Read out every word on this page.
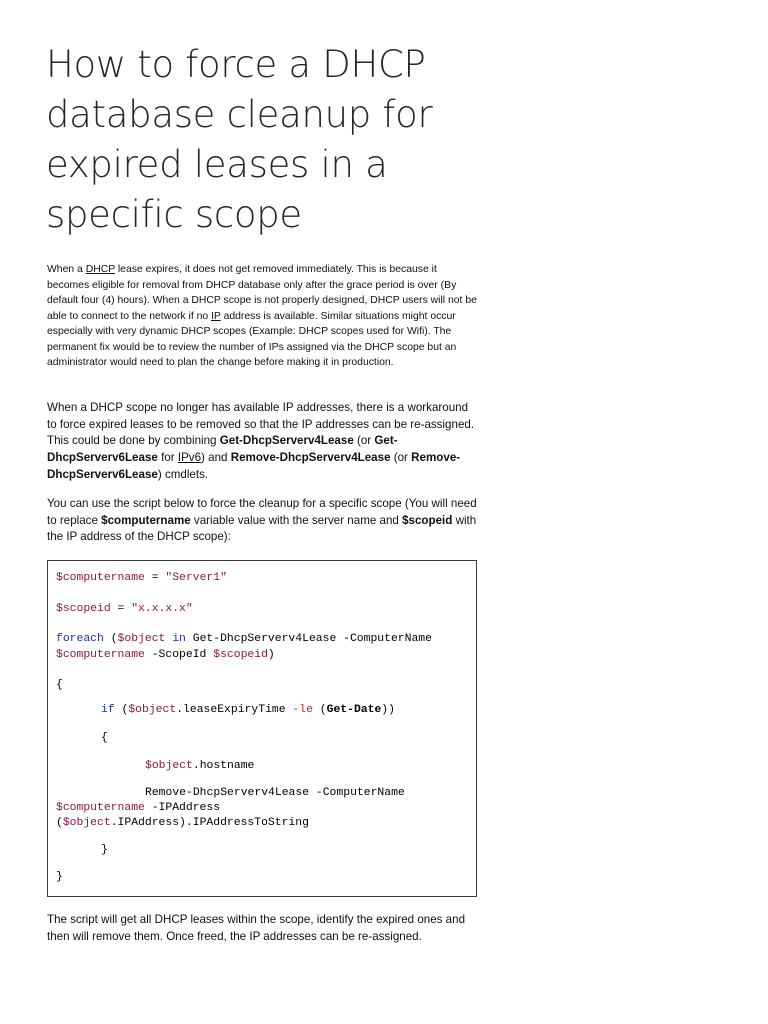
How to force a DHCP database cleanup for expired leases in a specific scope

When a DHCP lease expires, it does not get removed immediately. This is because it becomes eligible for removal from DHCP database only after the grace period is over (By default four (4) hours). When a DHCP scope is not properly designed, DHCP users will not be able to connect to the network if no IP address is available. Similar situations might occur especially with very dynamic DHCP scopes (Example: DHCP scopes used for Wifi). The permanent fix would be to review the number of IPs assigned via the DHCP scope but an administrator would need to plan the change before making it in production.

When a DHCP scope no longer has available IP addresses, there is a workaround to force expired leases to be removed so that the IP addresses can be re-assigned. This could be done by combining Get-DhcpServerv4Lease (or Get-DhcpServerv6Lease for IPv6) and Remove-DhcpServerv4Lease (or Remove-DhcpServerv6Lease) cmdlets.

You can use the script below to force the cleanup for a specific scope (You will need to replace $computername variable value with the server name and $scopeid with the IP address of the DHCP scope):

$computername = "Server1"
$scopeid = "x.x.x.x"
foreach ($object in Get-DhcpServerv4Lease -ComputerName
$computername -ScopeId $scopeid)
{
if ($object.leaseExpiryTime -le (Get-Date))
{
$object.hostname
Remove-DhcpServerv4Lease -ComputerName
$computername -IPAddress
($object.IPAddress).IPAddressToString
}
}

The script will get all DHCP leases within the scope, identify the expired ones and then will remove them. Once freed, the IP addresses can be re-assigned.
